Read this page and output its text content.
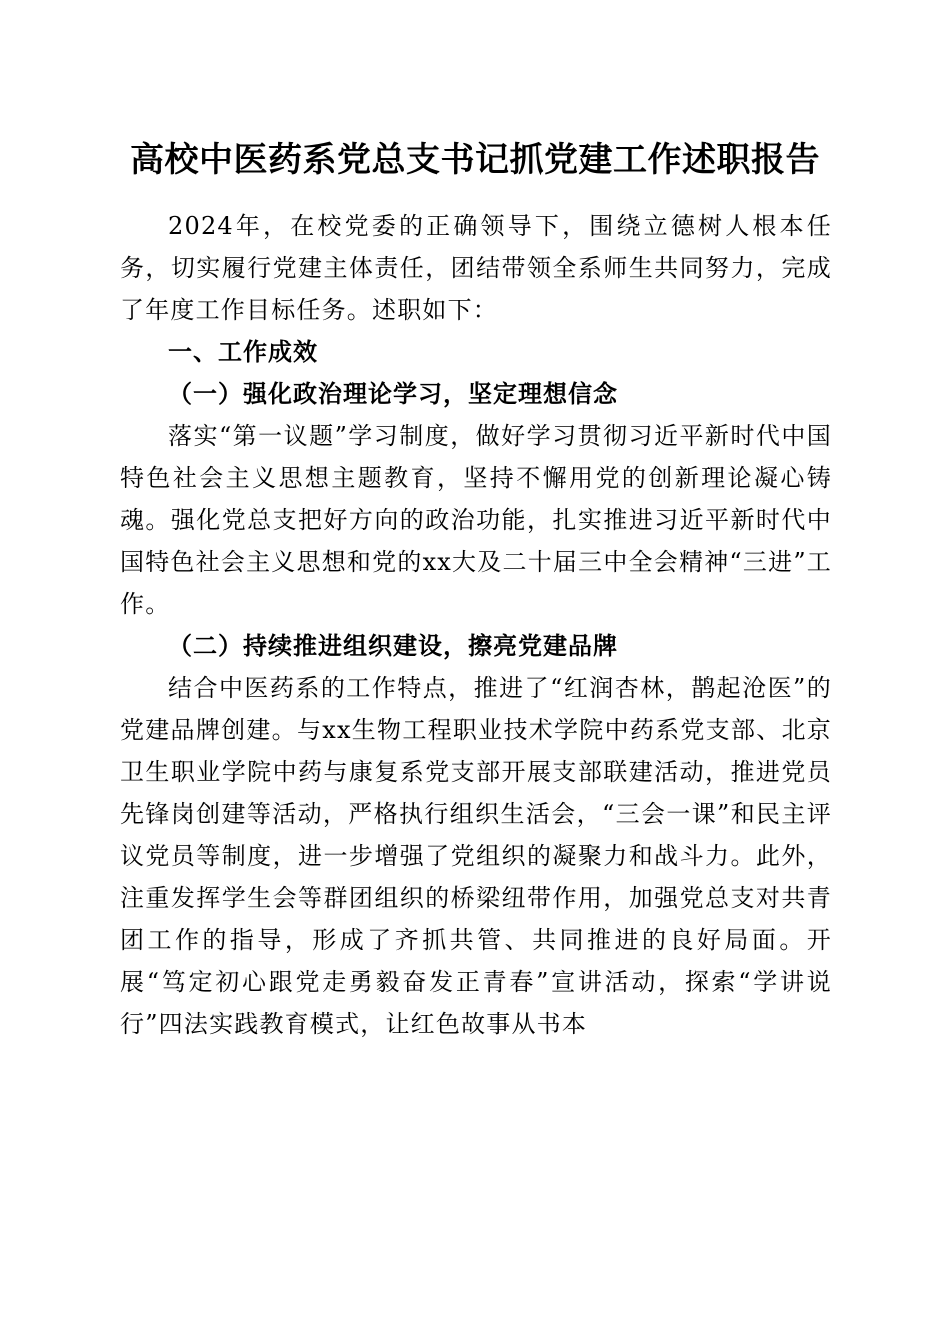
高校中医药系党总支书记抓党建工作述职报告

2024年，在校党委的正确领导下，围绕立德树人根本任务，切实履行党建主体责任，团结带领全系师生共同努力，完成了年度工作目标任务。述职如下：

一、工作成效

（一）强化政治理论学习，坚定理想信念

落实“第一议题”学习制度，做好学习贯彻习近平新时代中国特色社会主义思想主题教育，坚持不懈用党的创新理论凝心铸魂。强化党总支把好方向的政治功能，扎实推进习近平新时代中国特色社会主义思想和党的xx大及二十届三中全会精神“三进”工作。

（二）持续推进组织建设，擦亮党建品牌

结合中医药系的工作特点，推进了“红润杏林，鹊起沧医”的党建品牌创建。与xx生物工程职业技术学院中药系党支部、北京卫生职业学院中药与康复系党支部开展支部联建活动，推进党员先锋岗创建等活动，严格执行组织生活会，“三会一课”和民主评议党员等制度，进一步增强了党组织的凝聚力和战斗力。此外，注重发挥学生会等群团组织的桥梁纽带作用，加强党总支对共青团工作的指导，形成了齐抓共管、共同推进的良好局面。开展“笃定初心跟党走勇毅奋发正青春”宣讲活动，探索“学讲说行”四法实践教育模式，让红色故事从书本
